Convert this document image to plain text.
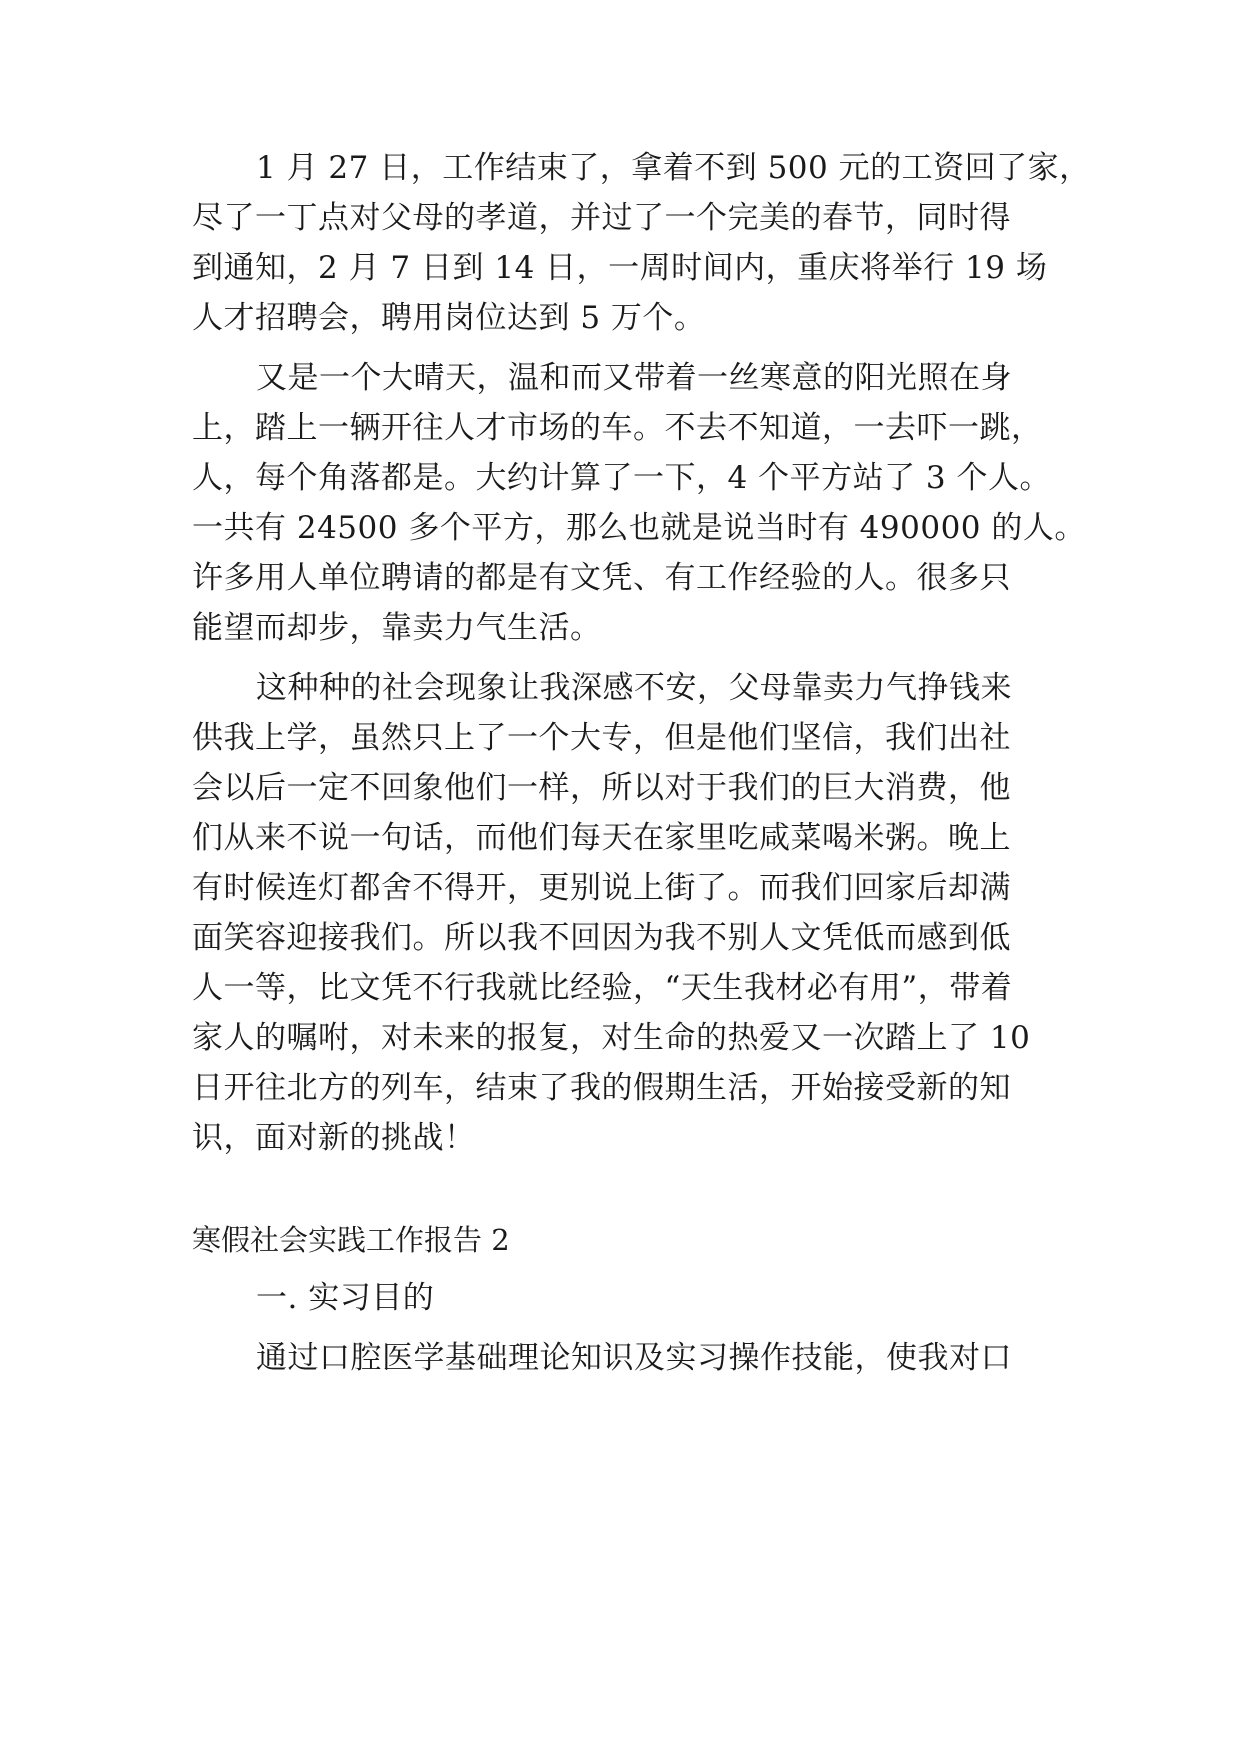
1 月 27 日，工作结束了，拿着不到 500 元的工资回了家，
尽了一丁点对父母的孝道，并过了一个完美的春节，同时得
到通知，2 月 7 日到 14 日，一周时间内，重庆将举行 19 场
人才招聘会，聘用岗位达到 5 万个。
又是一个大晴天，温和而又带着一丝寒意的阳光照在身
上，踏上一辆开往人才市场的车。不去不知道，一去吓一跳，
人，每个角落都是。大约计算了一下，4 个平方站了 3 个人。
一共有 24500 多个平方，那么也就是说当时有 490000 的人。
许多用人单位聘请的都是有文凭、有工作经验的人。很多只
能望而却步，靠卖力气生活。
这种种的社会现象让我深感不安，父母靠卖力气挣钱来
供我上学，虽然只上了一个大专，但是他们坚信，我们出社
会以后一定不回象他们一样，所以对于我们的巨大消费，他
们从来不说一句话，而他们每天在家里吃咸菜喝米粥。晚上
有时候连灯都舍不得开，更别说上街了。而我们回家后却满
面笑容迎接我们。所以我不回因为我不别人文凭低而感到低
人一等，比文凭不行我就比经验，“天生我材必有用”，带着
家人的嘱咐，对未来的报复，对生命的热爱又一次踏上了 10
日开往北方的列车，结束了我的假期生活，开始接受新的知
识，面对新的挑战！
寒假社会实践工作报告 2
一. 实习目的
通过口腔医学基础理论知识及实习操作技能，使我对口
